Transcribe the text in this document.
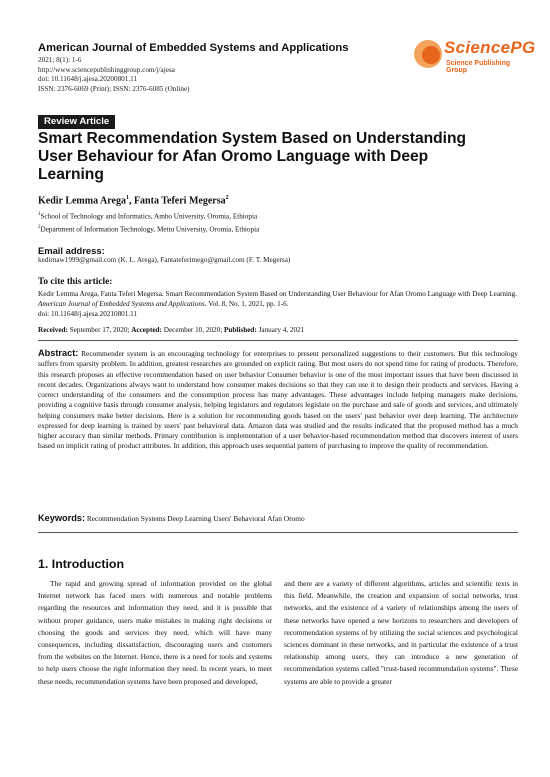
American Journal of Embedded Systems and Applications
2021; 8(1): 1-6
http://www.sciencepublishinggroup.com/j/ajesa
doi: 10.11648/j.ajesa.20200801.11
ISSN: 2376-6069 (Print); ISSN: 2376-6085 (Online)
SciencePG
Science Publishing Group
Review Article
Smart Recommendation System Based on Understanding User Behaviour for Afan Oromo Language with Deep Learning
Kedir Lemma Arega$^1$, Fanta Teferi Megersa$^2$
$^1$School of Technology and Informatics, Ambo University, Oromia, Ethiopia
$^2$Department of Information Technology, Mettu University, Oromia, Ethiopia
Email address:
kedirnaw1999@gmail.com (K. L. Arega), Fantateferimego@gmail.com (F. T. Megersa)
To cite this article:
Kedir Lemma Arega, Fanta Teferi Megersa. Smart Recommendation System Based on Understanding User Behaviour for Afan Oromo Language with Deep Learning. American Journal of Embedded Systems and Applications. Vol. 8, No. 1, 2021, pp. 1-6.
doi: 10.11648/j.ajesa.20210801.11
Received: September 17, 2020; Accepted: December 10, 2020; Published: January 4, 2021
Abstract: Recommender system is an encouraging technology for enterprises to present personalized suggestions to their customers. But this technology suffers from sparsity problem. In addition, greatest researches are grounded on explicit rating. But most users do not spend time for rating of products. Therefore, this research proposes an effective recommendation based on user behavior Consumer behavior is one of the most important issues that have been discussed in recent decades. Organizations always want to understand how consumer makes decisions so that they can use it to design their products and services. Having a correct understanding of the consumers and the consumption process has many advantages. These advantages include helping managers make decisions, providing a cognitive basis through consumer analysis, helping legislators and regulators legislate on the purchase and sale of goods and services, and ultimately helping consumers make better decisions. Here is a solution for recommending goods based on the users' past behavior over deep learning. The architecture expressed for deep learning is trained by users' past behavioral data. Amazon data was studied and the results indicated that the proposed method has a much higher accuracy than similar methods. Primary contribution is implementation of a user behavior-based recommendation method that discovers interest of users based on implicit rating of product attributes. In addition, this approach uses sequential pattern of purchasing to improve the quality of recommendation.
Keywords: Recommendation Systems Deep Learning Users' Behavioral Afan Oromo
1. Introduction
The rapid and growing spread of information provided on the global Internet network has faced users with numerous and notable problems regarding the resources and information they need, and it is possible that without proper guidance, users make mistakes in making right decisions or choosing the goods and services they need, which will have many consequences, including dissatisfaction, discouraging users and customers from the websites on the Internet. Hence, there is a need for tools and systems to help users choose the right information they need. In recent years, to meet these needs, recommendation systems have been proposed and developed,
and there are a variety of different algorithms, articles and scientific texts in this field. Meanwhile, the creation and expansion of social networks, trust networks, and the existence of a variety of relationships among the users of these networks have opened a new horizons to researchers and developers of recommendation systems of by utilizing the social sciences and psychological sciences dominant in these networks, and in particular the existence of a trust relationship among users, they can introduce a new generation of recommendation systems called "trust-based recommendation systems". These systems are able to provide a greater
